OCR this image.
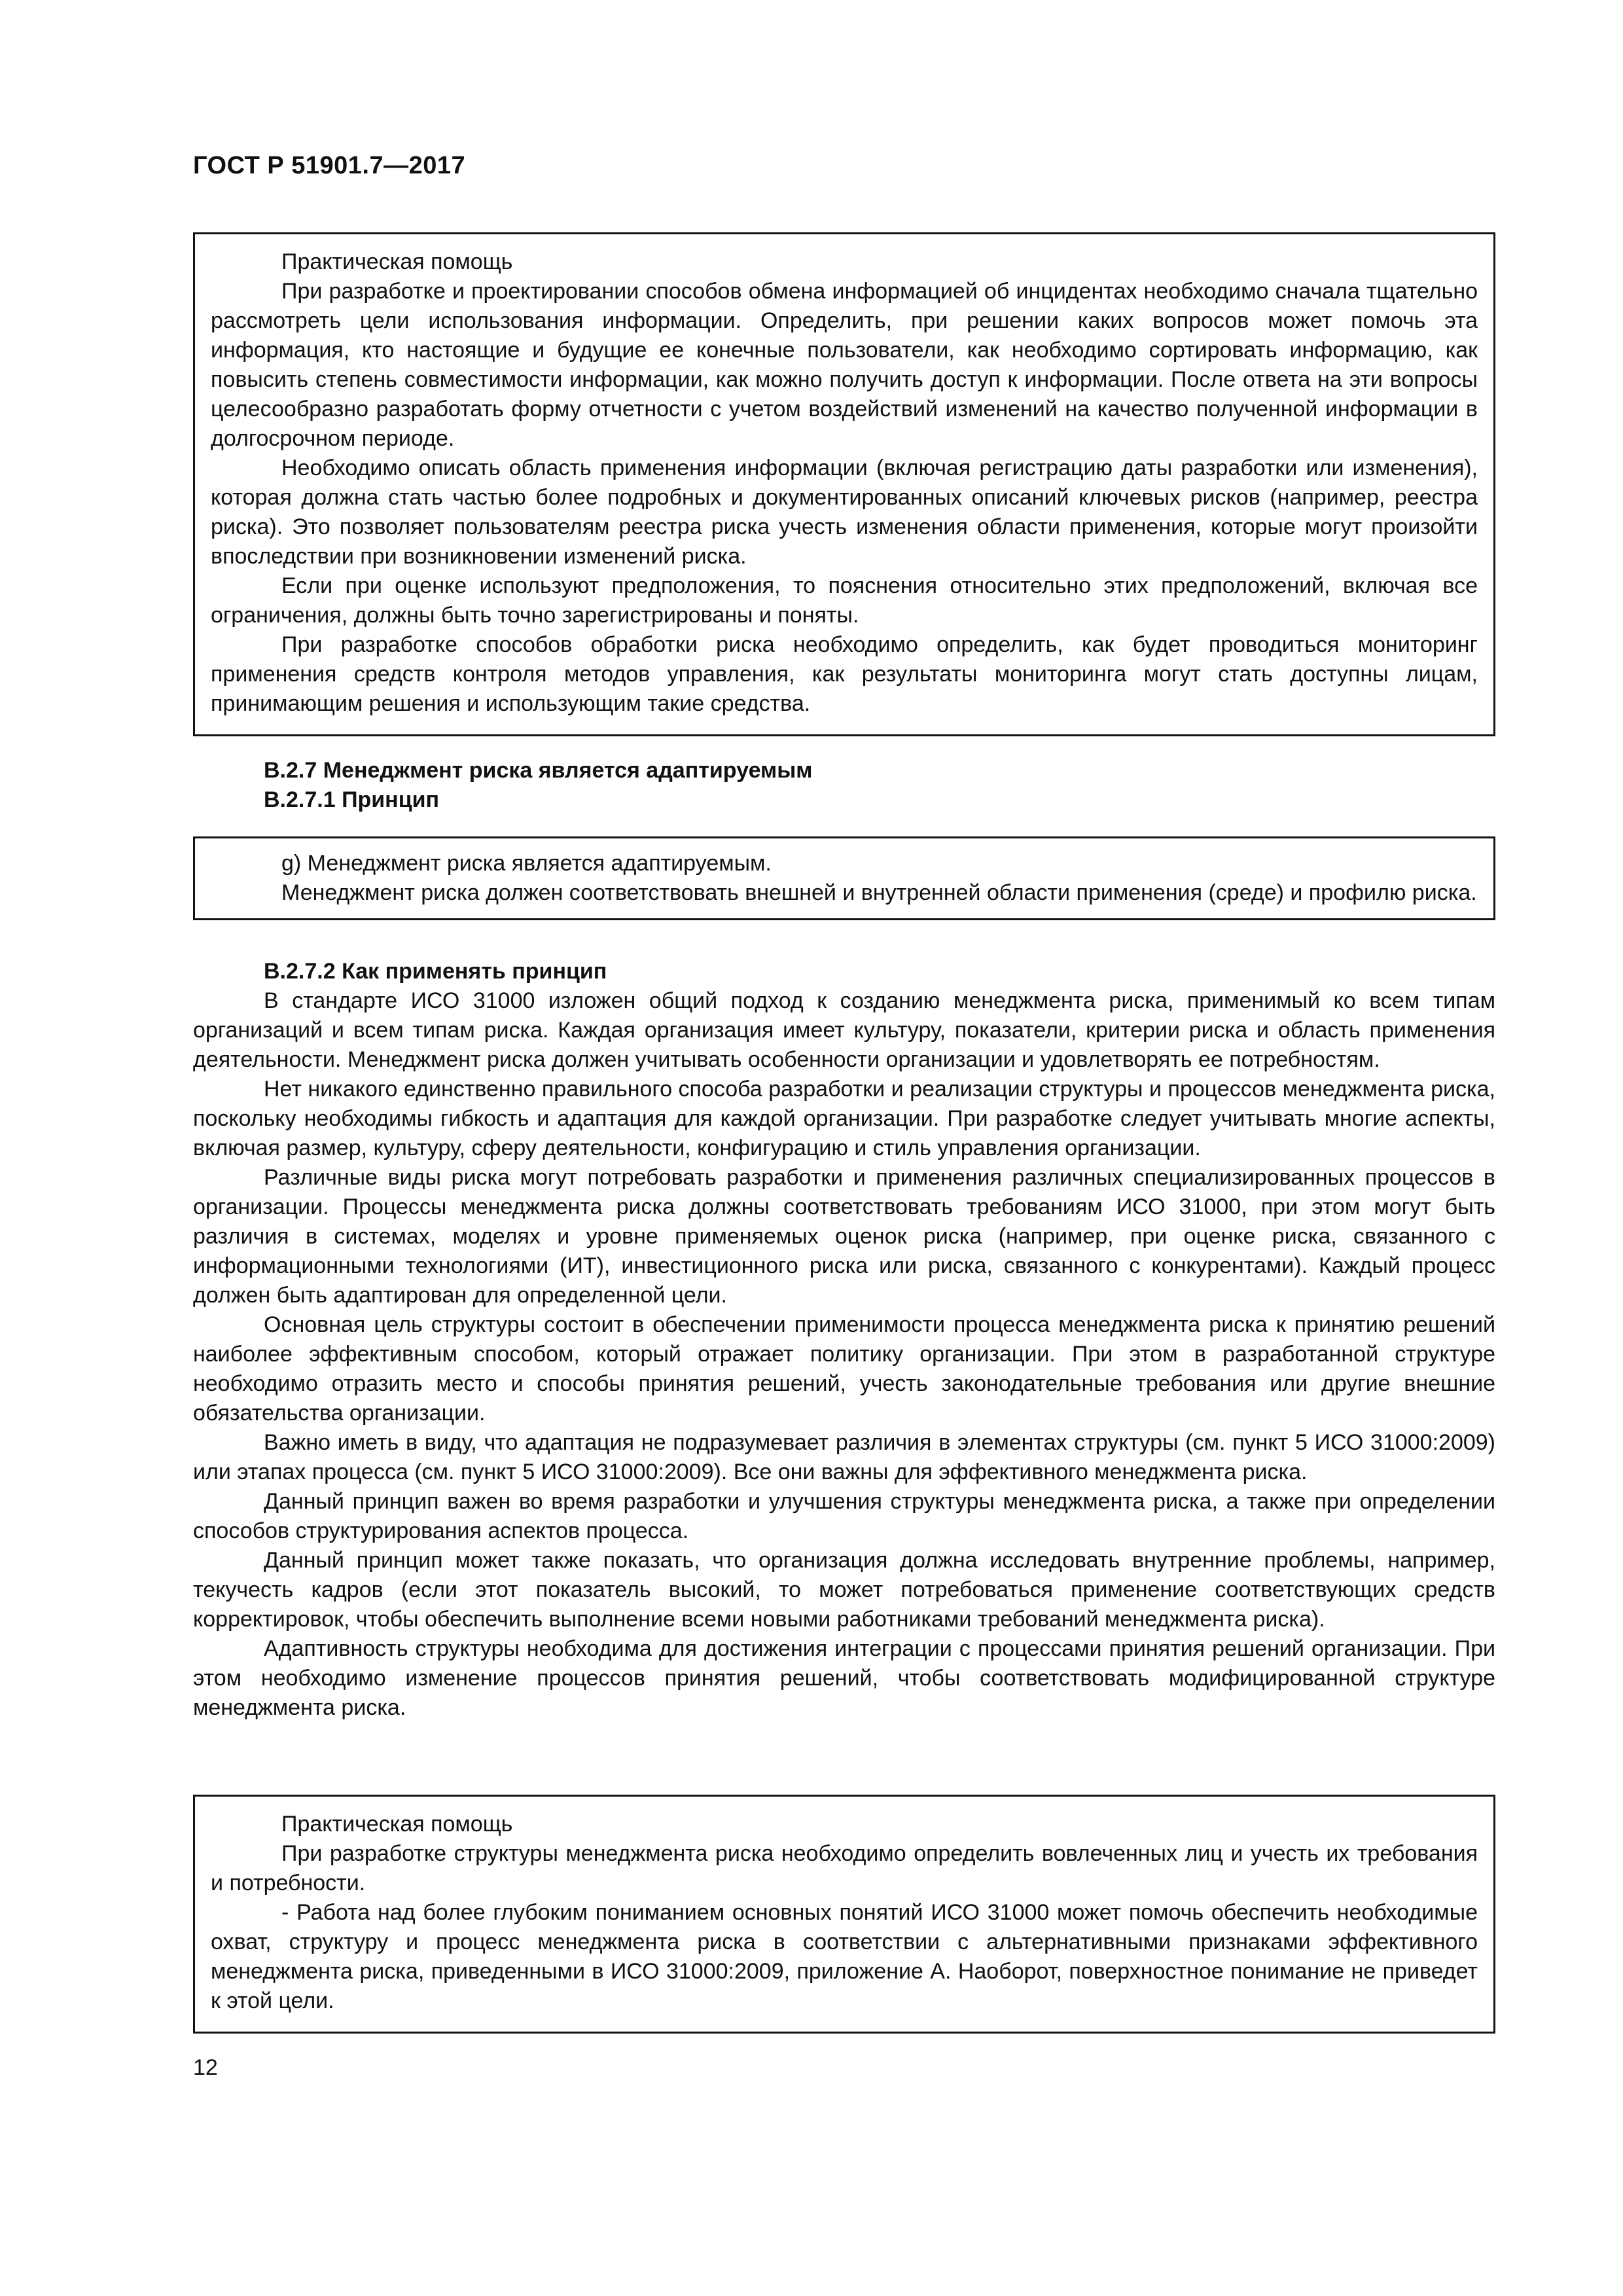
ГОСТ Р 51901.7—2017

Практическая помощь

При разработке и проектировании способов обмена информацией об инцидентах необходимо сначала тщательно рассмотреть цели использования информации. Определить, при решении каких вопросов может помочь эта информация, кто настоящие и будущие ее конечные пользователи, как необходимо сортировать информацию, как повысить степень совместимости информации, как можно получить доступ к информации. После ответа на эти вопросы целесообразно разработать форму отчетности с учетом воздействий изменений на качество полученной информации в долгосрочном периоде.

Необходимо описать область применения информации (включая регистрацию даты разработки или изменения), которая должна стать частью более подробных и документированных описаний ключевых рисков (например, реестра риска). Это позволяет пользователям реестра риска учесть изменения области применения, которые могут произойти впоследствии при возникновении изменений риска.

Если при оценке используют предположения, то пояснения относительно этих предположений, включая все ограничения, должны быть точно зарегистрированы и поняты.

При разработке способов обработки риска необходимо определить, как будет проводиться мониторинг применения средств контроля методов управления, как результаты мониторинга могут стать доступны лицам, принимающим решения и использующим такие средства.

В.2.7 Менеджмент риска является адаптируемым
В.2.7.1 Принцип

g) Менеджмент риска является адаптируемым.

Менеджмент риска должен соответствовать внешней и внутренней области применения (среде) и профилю риска.

В.2.7.2 Как применять принцип

В стандарте ИСО 31000 изложен общий подход к созданию менеджмента риска, применимый ко всем типам организаций и всем типам риска. Каждая организация имеет культуру, показатели, критерии риска и область применения деятельности. Менеджмент риска должен учитывать особенности организации и удовлетворять ее потребностям.

Нет никакого единственно правильного способа разработки и реализации структуры и процессов менеджмента риска, поскольку необходимы гибкость и адаптация для каждой организации. При разработке следует учитывать многие аспекты, включая размер, культуру, сферу деятельности, конфигурацию и стиль управления организации.

Различные виды риска могут потребовать разработки и применения различных специализированных процессов в организации. Процессы менеджмента риска должны соответствовать требованиям ИСО 31000, при этом могут быть различия в системах, моделях и уровне применяемых оценок риска (например, при оценке риска, связанного с информационными технологиями (ИТ), инвестиционного риска или риска, связанного с конкурентами). Каждый процесс должен быть адаптирован для определенной цели.

Основная цель структуры состоит в обеспечении применимости процесса менеджмента риска к принятию решений наиболее эффективным способом, который отражает политику организации. При этом в разработанной структуре необходимо отразить место и способы принятия решений, учесть законодательные требования или другие внешние обязательства организации.

Важно иметь в виду, что адаптация не подразумевает различия в элементах структуры (см. пункт 5 ИСО 31000:2009) или этапах процесса (см. пункт 5 ИСО 31000:2009). Все они важны для эффективного менеджмента риска.

Данный принцип важен во время разработки и улучшения структуры менеджмента риска, а также при определении способов структурирования аспектов процесса.

Данный принцип может также показать, что организация должна исследовать внутренние проблемы, например, текучесть кадров (если этот показатель высокий, то может потребоваться применение соответствующих средств корректировок, чтобы обеспечить выполнение всеми новыми работниками требований менеджмента риска).

Адаптивность структуры необходима для достижения интеграции с процессами принятия решений организации. При этом необходимо изменение процессов принятия решений, чтобы соответствовать модифицированной структуре менеджмента риска.

Практическая помощь

При разработке структуры менеджмента риска необходимо определить вовлеченных лиц и учесть их требования и потребности.

- Работа над более глубоким пониманием основных понятий ИСО 31000 может помочь обеспечить необходимые охват, структуру и процесс менеджмента риска в соответствии с альтернативными признаками эффективного менеджмента риска, приведенными в ИСО 31000:2009, приложение А. Наоборот, поверхностное понимание не приведет к этой цели.

12
